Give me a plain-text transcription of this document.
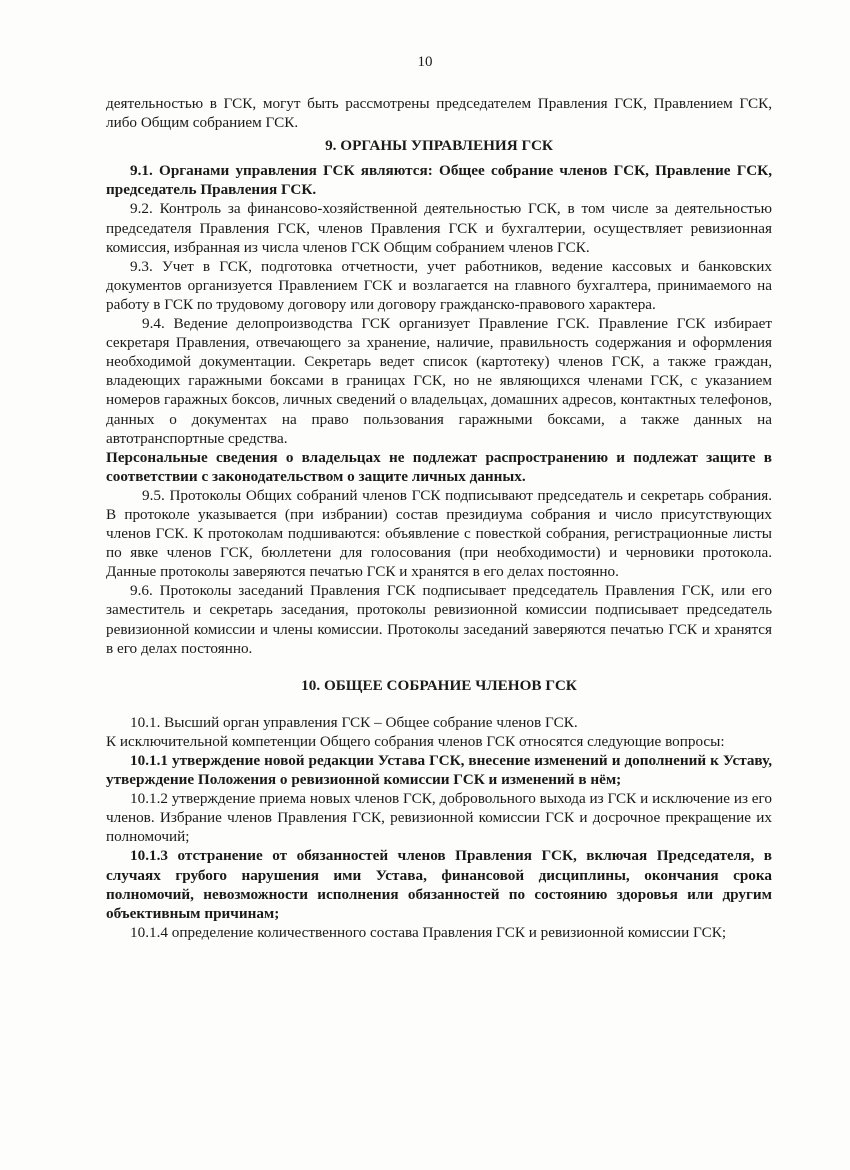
10

деятельностью в ГСК, могут быть рассмотрены председателем Правления ГСК, Правлением ГСК, либо Общим собранием ГСК.

9. ОРГАНЫ УПРАВЛЕНИЯ ГСК

9.1. Органами управления ГСК являются: Общее собрание членов ГСК, Правление ГСК, председатель Правления ГСК.

9.2. Контроль за финансово-хозяйственной деятельностью ГСК, в том числе за деятельностью председателя Правления ГСК, членов Правления ГСК и бухгалтерии, осуществляет ревизионная комиссия, избранная из числа членов ГСК Общим собранием членов ГСК.

9.3. Учет в ГСК, подготовка отчетности, учет работников, ведение кассовых и банковских документов организуется Правлением ГСК и возлагается на главного бухгалтера, принимаемого на работу в ГСК по трудовому договору или договору гражданско-правового характера.

9.4. Ведение делопроизводства ГСК организует Правление ГСК. Правление ГСК избирает секретаря Правления, отвечающего за хранение, наличие, правильность содержания и оформления необходимой документации. Секретарь ведет список (картотеку) членов ГСК, а также граждан, владеющих гаражными боксами в границах ГСК, но не являющихся членами ГСК, с указанием номеров гаражных боксов, личных сведений о владельцах, домашних адресов, контактных телефонов, данных о документах на право пользования гаражными боксами, а также данных на автотранспортные средства.

Персональные сведения о владельцах не подлежат распространению и подлежат защите в соответствии с законодательством о защите личных данных.

9.5. Протоколы Общих собраний членов ГСК подписывают председатель и секретарь собрания. В протоколе указывается (при избрании) состав президиума собрания и число присутствующих членов ГСК. К протоколам подшиваются: объявление с повесткой собрания, регистрационные листы по явке членов ГСК, бюллетени для голосования (при необходимости) и черновики протокола. Данные протоколы заверяются печатью ГСК и хранятся в его делах постоянно.

9.6. Протоколы заседаний Правления ГСК подписывает председатель Правления ГСК, или его заместитель и секретарь заседания, протоколы ревизионной комиссии подписывает председатель ревизионной комиссии и члены комиссии. Протоколы заседаний заверяются печатью ГСК и хранятся в его делах постоянно.

10. ОБЩЕЕ СОБРАНИЕ ЧЛЕНОВ ГСК

10.1. Высший орган управления ГСК – Общее собрание членов ГСК.

К исключительной компетенции Общего собрания членов ГСК относятся следующие вопросы:

10.1.1 утверждение новой редакции Устава ГСК, внесение изменений и дополнений к Уставу, утверждение Положения о ревизионной комиссии ГСК и изменений в нём;

10.1.2 утверждение приема новых членов ГСК, добровольного выхода из ГСК и исключение из его членов. Избрание членов Правления ГСК, ревизионной комиссии ГСК и досрочное прекращение их полномочий;

10.1.3 отстранение от обязанностей членов Правления ГСК, включая Председателя, в случаях грубого нарушения ими Устава, финансовой дисциплины, окончания срока полномочий, невозможности исполнения обязанностей по состоянию здоровья или другим объективным причинам;

10.1.4 определение количественного состава Правления ГСК и ревизионной комиссии ГСК;
